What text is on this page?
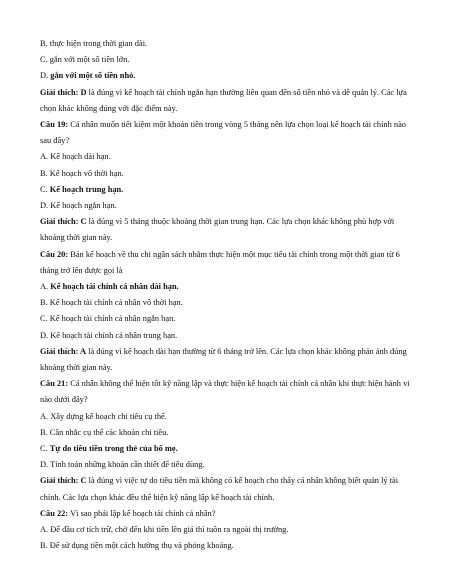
B. thực hiện trong thời gian dài.

C. gắn với một số tiền lớn.

D. gắn với một số tiền nhỏ.

Giải thích: D là đúng vì kế hoạch tài chính ngắn hạn thường liên quan đến số tiền nhỏ và dễ quản lý. Các lựa chọn khác không đúng với đặc điểm này.

Câu 19: Cá nhân muốn tiết kiệm một khoản tiền trong vòng 5 tháng nên lựa chọn loại kế hoạch tài chính nào sau đây?

A. Kế hoạch dài hạn.

B. Kế hoạch vô thời hạn.

C. Kế hoạch trung hạn.

D. Kế hoạch ngắn hạn.

Giải thích: C là đúng vì 5 tháng thuộc khoảng thời gian trung hạn. Các lựa chọn khác không phù hợp với khoảng thời gian này.

Câu 20: Bản kế hoạch về thu chi ngân sách nhằm thực hiện một mục tiêu tài chính trong một thời gian từ 6 tháng trở lên được gọi là

A. Kế hoạch tài chính cá nhân dài hạn.

B. Kế hoạch tài chính cá nhân vô thời hạn.

C. Kế hoạch tài chính cá nhân ngắn hạn.

D. Kế hoạch tài chính cá nhân trung hạn.

Giải thích: A là đúng vì kế hoạch dài hạn thường từ 6 tháng trở lên. Các lựa chọn khác không phản ánh đúng khoảng thời gian này.

Câu 21: Cá nhân không thể hiện tốt kỹ năng lập và thực hiện kế hoạch tài chính cá nhân khi thực hiện hành vi nào dưới đây?

A. Xây dựng kế hoạch chi tiêu cụ thể.

B. Cân nhắc cụ thể các khoản chi tiêu.

C. Tự do tiêu tiền trong thẻ của bố mẹ.

D. Tính toán những khoản cần thiết để tiêu dùng.

Giải thích: C là đúng vì việc tự do tiêu tiền mà không có kế hoạch cho thấy cá nhân không biết quản lý tài chính. Các lựa chọn khác đều thể hiện kỹ năng lập kế hoạch tài chính.

Câu 22: Vì sao phải lập kế hoạch tài chính cá nhân?

A. Để đầu cơ tích trữ, chờ đến khi tiền lên giá thì tuôn ra ngoài thị trường.

B. Để sử dụng tiền một cách hưởng thụ và phóng khoáng.
